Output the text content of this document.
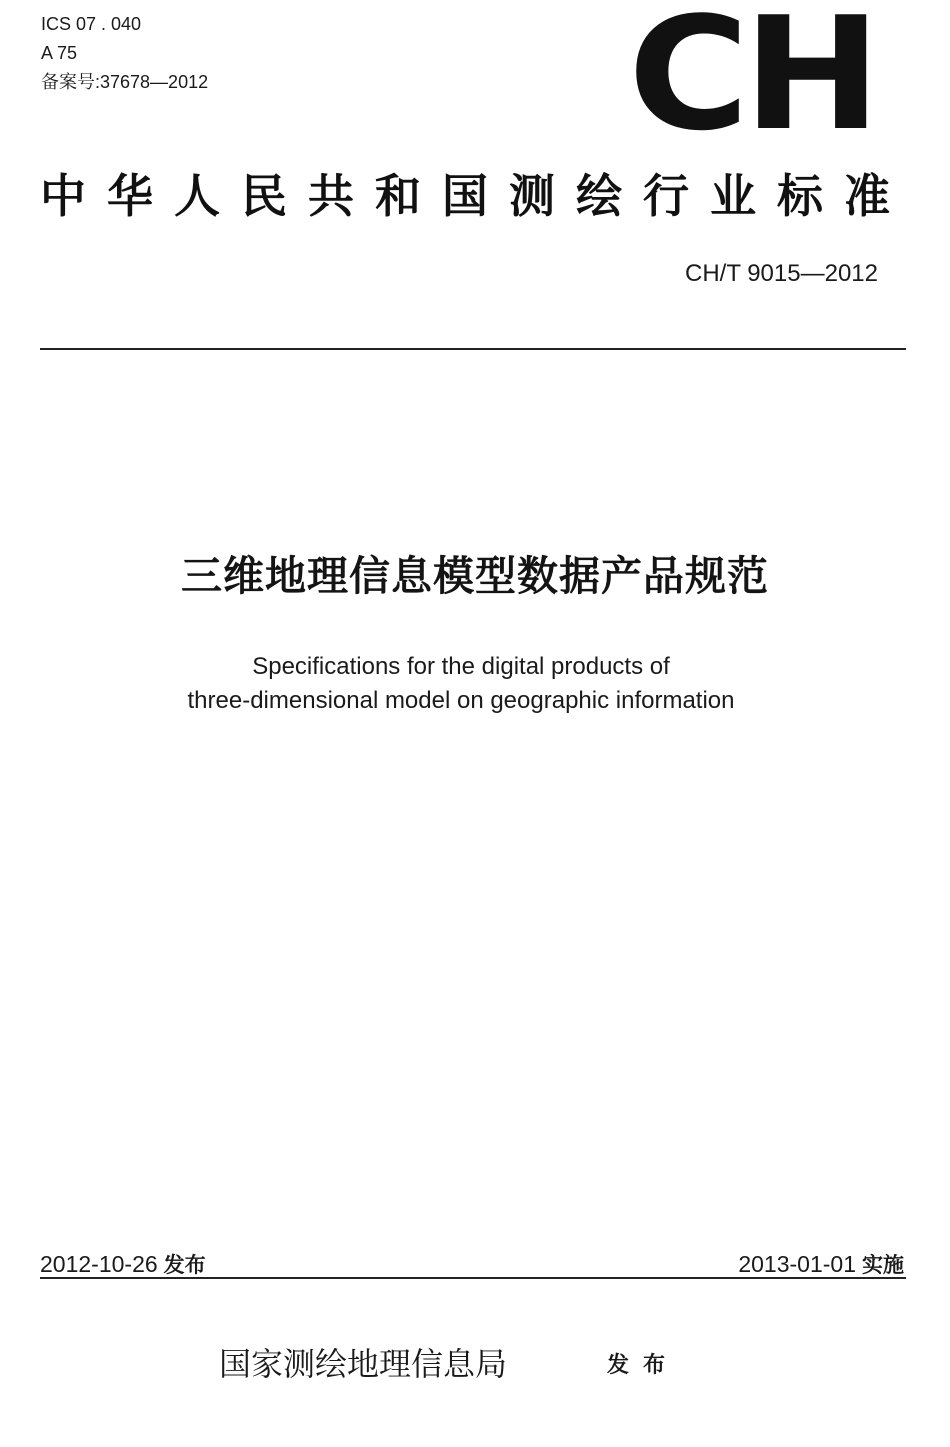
ICS 07 . 040
A 75
备案号:37678—2012	CH
中华人民共和国测绘行业标准
CH/T 9015—2012
三维地理信息模型数据产品规范
Specifications for the digital products of
three-dimensional model on geographic information
2012-10-26 发布	2013-01-01 实施
国家测绘地理信息局	发布
